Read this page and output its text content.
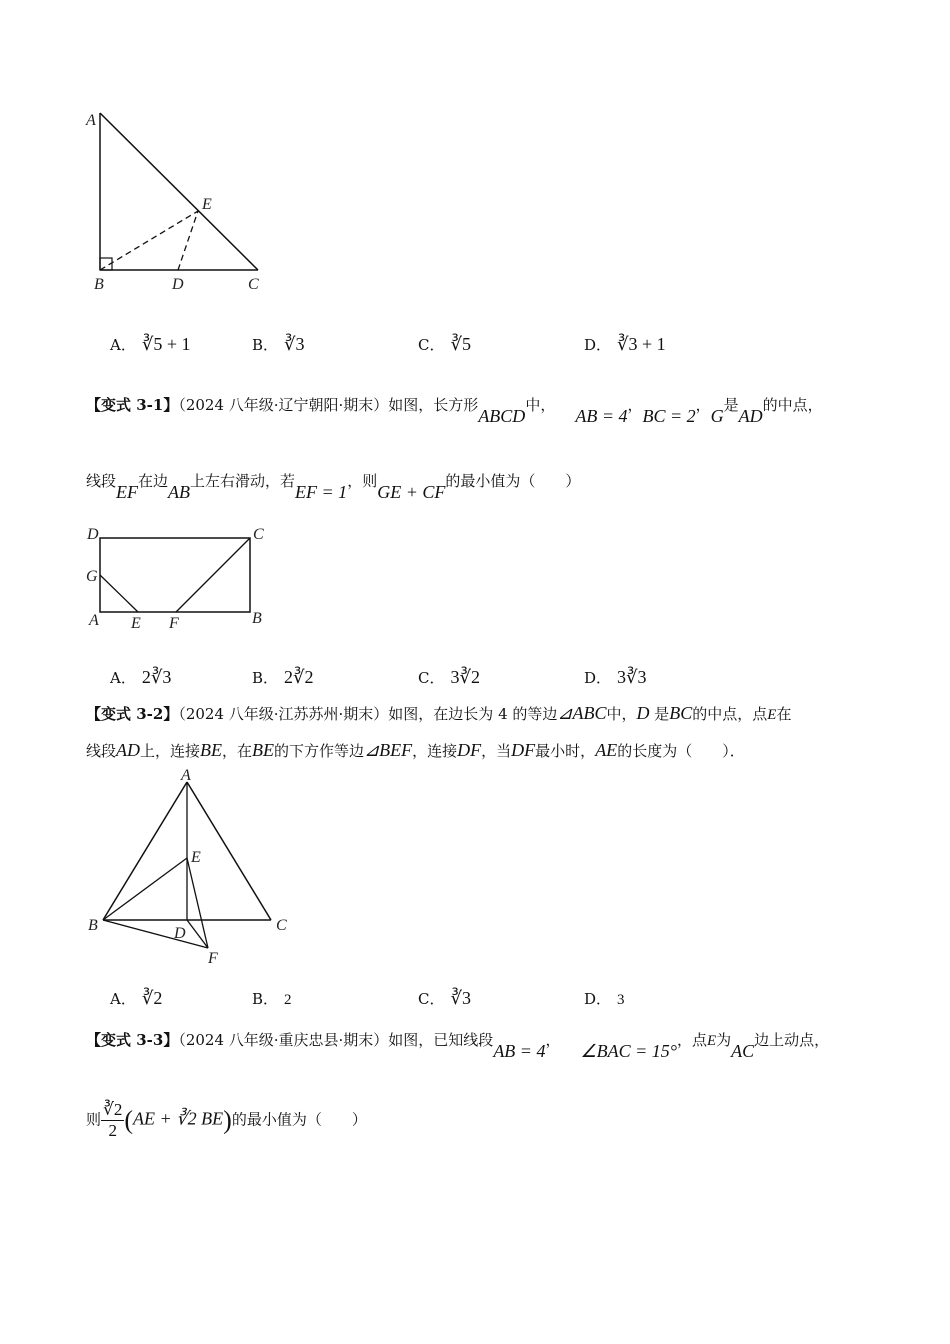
A
B	C
D
E
A． ∛5 + 1	B． ∛3	C． ∛5	D． ∛3 + 1
【变式 3-1】（2024 八年级·辽宁朝阳·期末）如图，长方形ABCD中，AB = 4，BC = 2，G是AD的中点，
线段EF在边AB上左右滑动，若EF = 1，则GE + CF的最小值为（　　）
D	C
G
A	B
E F
A． 2∛3	B． 2∛2	C． 3∛2	D． 3∛3
【变式 3-2】（2024 八年级·江苏苏州·期末）如图，在边长为 4 的等边⊿ABC中，D 是BC的中点，点E在
线段AD上，连接BE，在BE的下方作等边⊿BEF，连接DF，当DF最小时，AE的长度为（　　）．
A
E
B	C
D
F
A． ∛2	B． 2	C． ∛3	D． 3
【变式 3-3】（2024 八年级·重庆忠县·期末）如图，已知线段AB = 4，∠BAC = 15°，点E为AC边上动点，
则 $\frac{∛2}{2} (AE$ + ∛2 BE)的最小值为（　　）
